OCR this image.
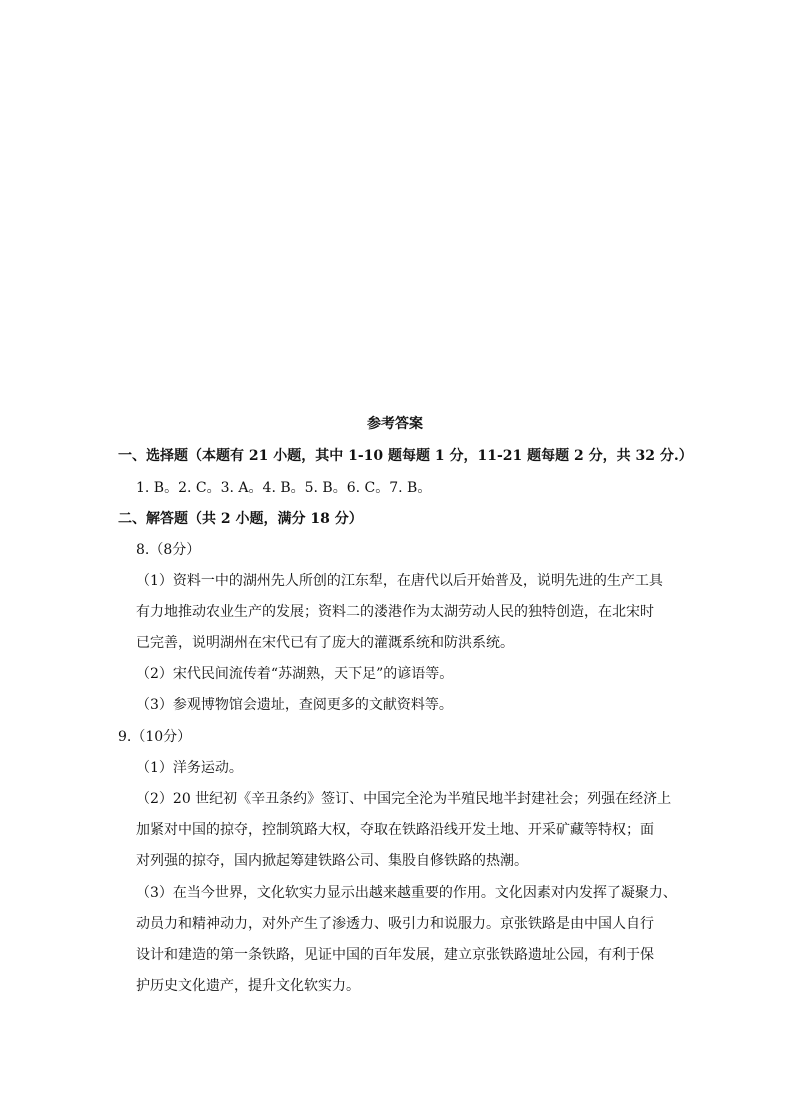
参考答案
一、选择题（本题有 21 小题，其中 1-10 题每题 1 分，11-21 题每题 2 分，共 32 分.）
1. B。2. C。3. A。4. B。5. B。6. C。7. B。
二、解答题（共 2 小题，满分 18 分）
8.（8分）
（1）资料一中的湖州先人所创的江东犁，在唐代以后开始普及，说明先进的生产工具
有力地推动农业生产的发展；资料二的溇港作为太湖劳动人民的独特创造，在北宋时
已完善，说明湖州在宋代已有了庞大的灌溉系统和防洪系统。
（2）宋代民间流传着“苏湖熟，天下足”的谚语等。
（3）参观博物馆会遗址，查阅更多的文献资料等。
9.（10分）
（1）洋务运动。
（2）20 世纪初《辛丑条约》签订、中国完全沦为半殖民地半封建社会；列强在经济上
加紧对中国的掠夺，控制筑路大权，夺取在铁路沿线开发土地、开采矿藏等特权；面
对列强的掠夺，国内掀起筹建铁路公司、集股自修铁路的热潮。
（3）在当今世界，文化软实力显示出越来越重要的作用。文化因素对内发挥了凝聚力、
动员力和精神动力，对外产生了渗透力、吸引力和说服力。京张铁路是由中国人自行
设计和建造的第一条铁路，见证中国的百年发展，建立京张铁路遗址公园，有利于保
护历史文化遗产，提升文化软实力。
